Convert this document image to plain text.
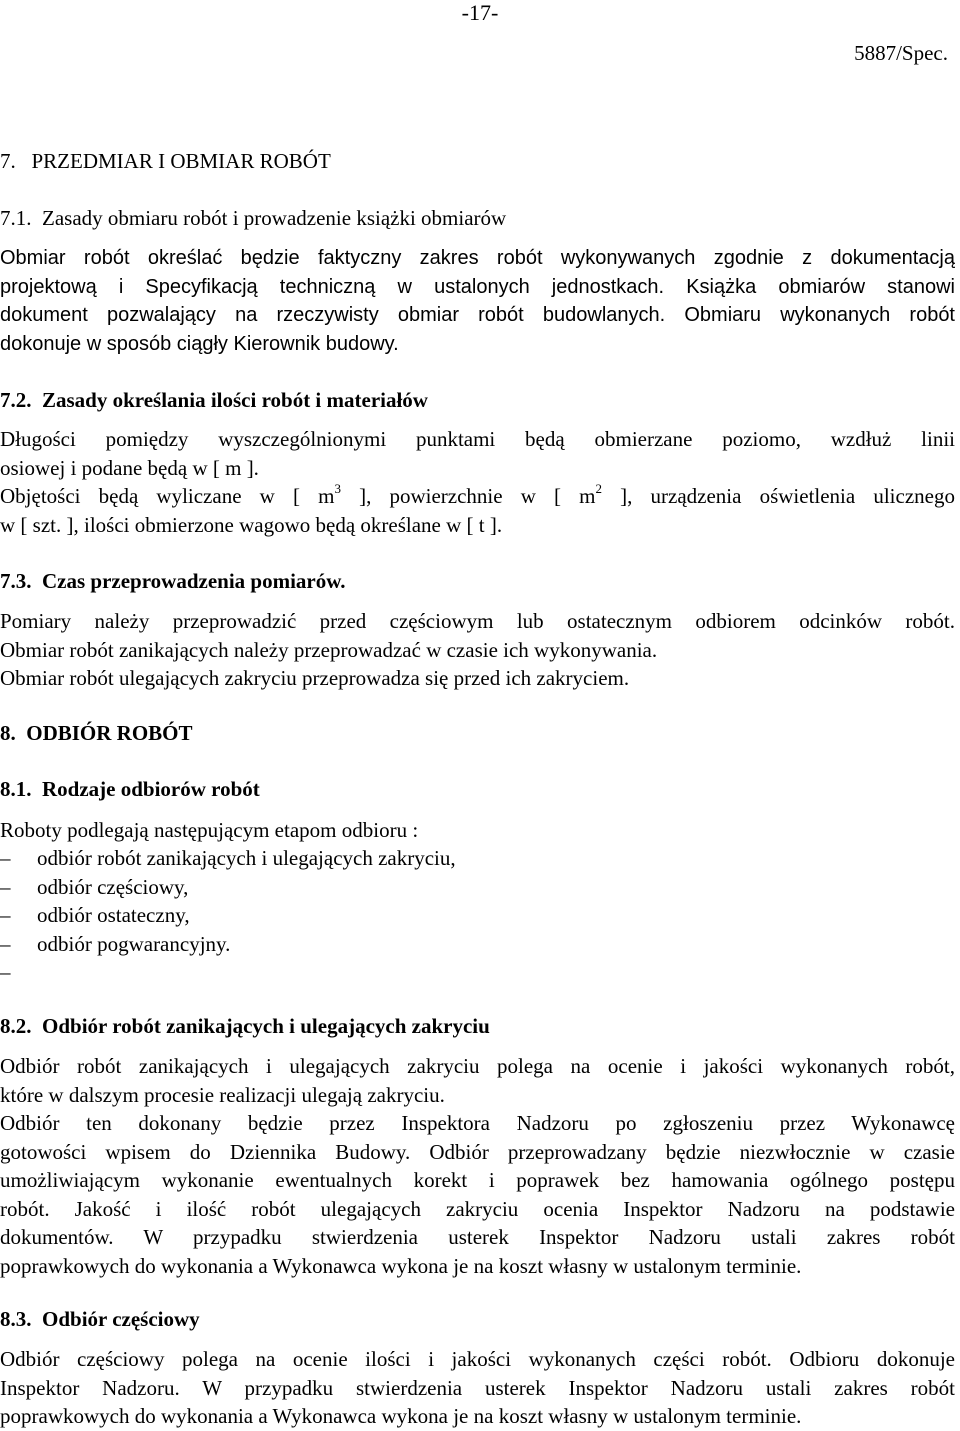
-17-
5887/Spec.
7. PRZEDMIAR I OBMIAR ROBÓT
7.1. Zasady obmiaru robót i prowadzenie książki obmiarów
Obmiar robót określać będzie faktyczny zakres robót wykonywanych zgodnie z dokumentacją
projektową i Specyfikacją techniczną w ustalonych jednostkach. Książka obmiarów stanowi
dokument pozwalający na rzeczywisty obmiar robót budowlanych. Obmiaru wykonanych robót
dokonuje w sposób ciągły Kierownik budowy.
7.2. Zasady określania ilości robót i materiałów
Długości pomiędzy wyszczególnionymi punktami będą obmierzane poziomo, wzdłuż linii
osiowej i podane będą w [ m ].
Objętości będą wyliczane w [ $m^3$ ], powierzchnie w [ $m^2$ ], urządzenia oświetlenia ulicznego
w [ szt. ], ilości obmierzone wagowo będą określane w [ t ].
7.3. Czas przeprowadzenia pomiarów.
Pomiary należy przeprowadzić przed częściowym lub ostatecznym odbiorem odcinków robót.
Obmiar robót zanikających należy przeprowadzać w czasie ich wykonywania.
Obmiar robót ulegających zakryciu przeprowadza się przed ich zakryciem.
8. ODBIÓR ROBÓT
8.1. Rodzaje odbiorów robót
Roboty podlegają następującym etapom odbioru :
– odbiór robót zanikających i ulegających zakryciu,
– odbiór częściowy,
– odbiór ostateczny,
– odbiór pogwarancyjny.
–
8.2. Odbiór robót zanikających i ulegających zakryciu
Odbiór robót zanikających i ulegających zakryciu polega na ocenie i jakości wykonanych robót,
które w dalszym procesie realizacji ulegają zakryciu.
Odbiór ten dokonany będzie przez Inspektora Nadzoru po zgłoszeniu przez Wykonawcę
gotowości wpisem do Dziennika Budowy. Odbiór przeprowadzany będzie niezwłocznie w czasie
umożliwiającym wykonanie ewentualnych korekt i poprawek bez hamowania ogólnego postępu
robót. Jakość i ilość robót ulegających zakryciu ocenia Inspektor Nadzoru na podstawie
dokumentów. W przypadku stwierdzenia usterek Inspektor Nadzoru ustali zakres robót
poprawkowych do wykonania a Wykonawca wykona je na koszt własny w ustalonym terminie.
8.3. Odbiór częściowy
Odbiór częściowy polega na ocenie ilości i jakości wykonanych części robót. Odbioru dokonuje
Inspektor Nadzoru. W przypadku stwierdzenia usterek Inspektor Nadzoru ustali zakres robót
poprawkowych do wykonania a Wykonawca wykona je na koszt własny w ustalonym terminie.
